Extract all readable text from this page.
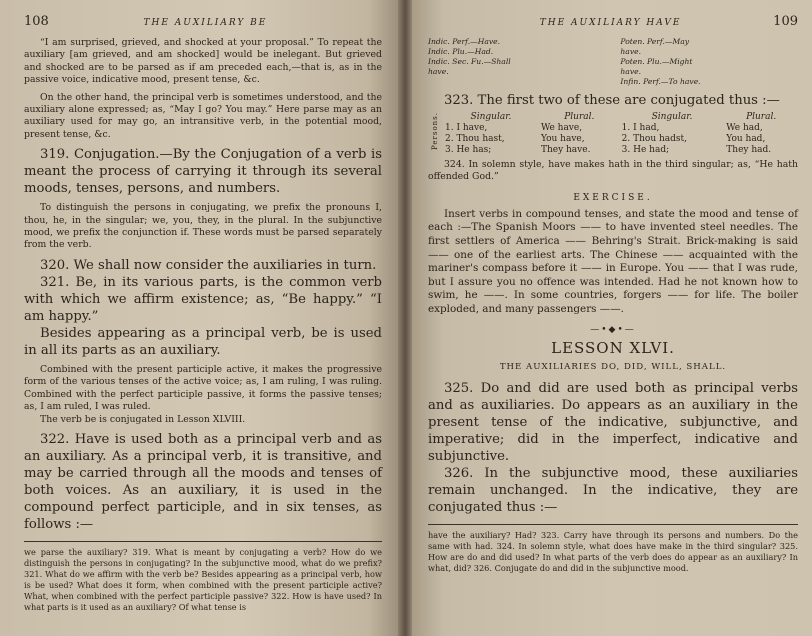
108	THE AUXILIARY BE

“I am surprised, grieved, and shocked at your proposal.” To repeat the auxiliary [am grieved, and am shocked] would be inelegant. But grieved and shocked are to be parsed as if am preceded each,—that is, as in the passive voice, indicative mood, present tense, &c.

On the other hand, the principal verb is sometimes understood, and the auxiliary alone expressed; as, “May I go? You may.” Here parse may as an auxiliary used for may go, an intransitive verb, in the potential mood, present tense, &c.

319. Conjugation.—By the Conjugation of a verb is meant the process of carrying it through its several moods, tenses, persons, and numbers.

To distinguish the persons in conjugating, we prefix the pronouns I, thou, he, in the singular; we, you, they, in the plural. In the subjunctive mood, we prefix the conjunction if. These words must be parsed separately from the verb.

320. We shall now consider the auxiliaries in turn.

321. Be, in its various parts, is the common verb with which we affirm existence; as, “Be happy.” “I am happy.”

Besides appearing as a principal verb, be is used in all its parts as an auxiliary.

Combined with the present participle active, it makes the progressive form of the various tenses of the active voice; as, I am ruling, I was ruling. Combined with the perfect participle passive, it forms the passive tenses; as, I am ruled, I was ruled.

The verb be is conjugated in Lesson XLVIII.

322. Have is used both as a principal verb and as an auxiliary. As a principal verb, it is transitive, and may be carried through all the moods and tenses of both voices. As an auxiliary, it is used in the compound perfect participle, and in six tenses, as follows :—

we parse the auxiliary? 319. What is meant by conjugating a verb? How do we distinguish the persons in conjugating? In the subjunctive mood, what do we prefix? 321. What do we affirm with the verb be? Besides appearing as a principal verb, how is be used? What does it form, when combined with the present participle active? What, when combined with the perfect participle passive? 322. How is have used? In what parts is it used as an auxiliary? Of what tense is

THE AUXILIARY HAVE	109
Indic. Perf.—Have.
Indic. Plu.—Had.
Indic. Sec. Fu.—Shall have.
Poten. Perf.—May have.
Poten. Plu.—Might have.
Infin. Perf.—To have.

323. The first two of these are conjugated thus :—

Persons.	Singular.	Plural.	Singular.	Plural.
	1. I have,	We have,	1. I had,	We had,
	2. Thou hast,	You have,	2. Thou hadst,	You had,
	3. He has;	They have.	3. He had;	They had.

324. In solemn style, have makes hath in the third singular; as, “He hath offended God.”

EXERCISE.

Insert verbs in compound tenses, and state the mood and tense of each :—The Spanish Moors —— to have invented steel needles. The first settlers of America —— Behring's Strait. Brick-making is said —— one of the earliest arts. The Chinese —— acquainted with the mariner's compass before it —— in Europe. You —— that I was rude, but I assure you no offence was intended. Had he not known how to swim, he ——. In some countries, forgers —— for life. The boiler exploded, and many passengers ——.

—•◆•—
LESSON XLVI.
THE AUXILIARIES DO, DID, WILL, SHALL.

325. Do and did are used both as principal verbs and as auxiliaries. Do appears as an auxiliary in the present tense of the indicative, subjunctive, and imperative; did in the imperfect, indicative and subjunctive.

326. In the subjunctive mood, these auxiliaries remain unchanged. In the indicative, they are conjugated thus :—

have the auxiliary? Had? 323. Carry have through its persons and numbers. Do the same with had. 324. In solemn style, what does have make in the third singular? 325. How are do and did used? In what parts of the verb does do appear as an auxiliary? In what, did? 326. Conjugate do and did in the subjunctive mood.
